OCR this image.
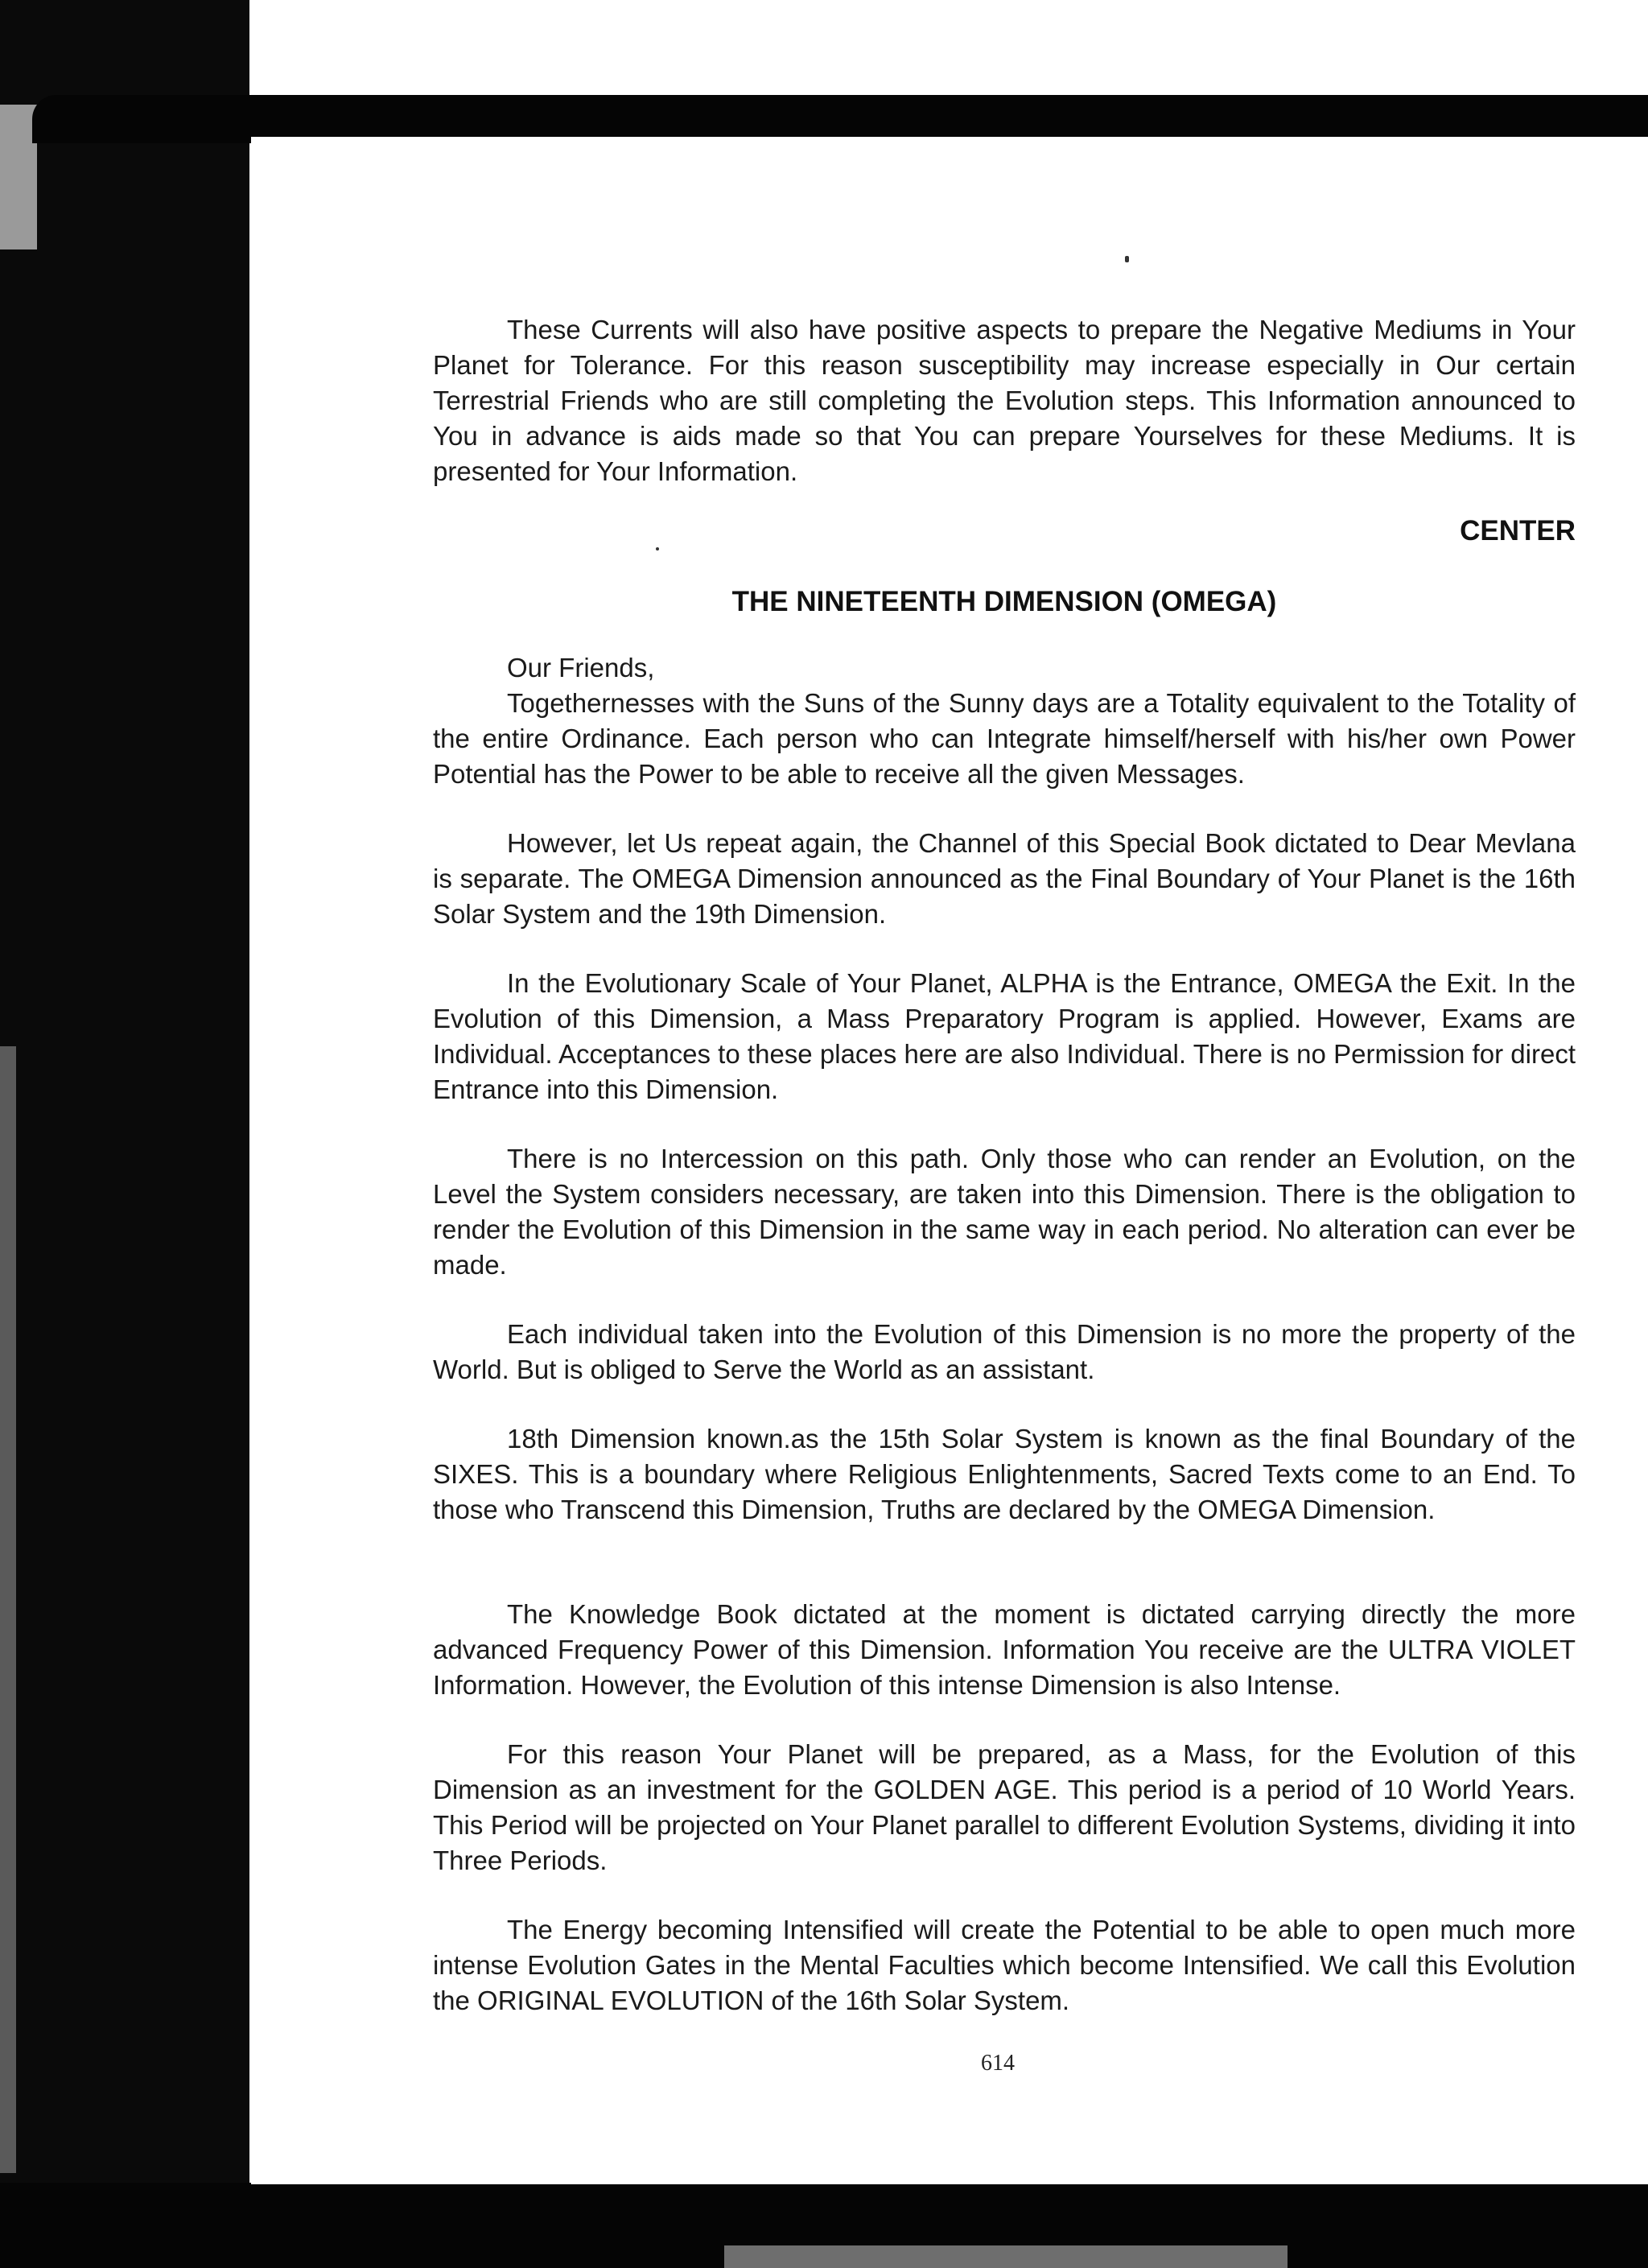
These Currents will also have positive aspects to prepare the Negative Mediums in Your Planet for Tolerance. For this reason susceptibility may increase especially in Our certain Terrestrial Friends who are still completing the Evolution steps. This Information announced to You in advance is aids made so that You can prepare Yourselves for these Mediums. It is presented for Your Information.

CENTER
THE NINETEENTH DIMENSION (OMEGA)

Our Friends,

Togethernesses with the Suns of the Sunny days are a Totality equivalent to the Totality of the entire Ordinance. Each person who can Integrate himself/herself with his/her own Power Potential has the Power to be able to receive all the given Messages.

However, let Us repeat again, the Channel of this Special Book dictated to Dear Mevlana is separate. The OMEGA Dimension announced as the Final Boundary of Your Planet is the 16th Solar System and the 19th Dimension.

In the Evolutionary Scale of Your Planet, ALPHA is the Entrance, OMEGA the Exit. In the Evolution of this Dimension, a Mass Preparatory Program is applied. However, Exams are Individual. Acceptances to these places here are also Individual. There is no Permission for direct Entrance into this Dimension.

There is no Intercession on this path. Only those who can render an Evolution, on the Level the System considers necessary, are taken into this Dimension. There is the obligation to render the Evolution of this Dimension in the same way in each period. No alteration can ever be made.

Each individual taken into the Evolution of this Dimension is no more the property of the World. But is obliged to Serve the World as an assistant.

18th Dimension known.as the 15th Solar System is known as the final Boundary of the SIXES. This is a boundary where Religious Enlightenments, Sacred Texts come to an End. To those who Transcend this Dimension, Truths are declared by the OMEGA Dimension.

The Knowledge Book dictated at the moment is dictated carrying directly the more advanced Frequency Power of this Dimension. Information You receive are the ULTRA VIOLET Information. However, the Evolution of this intense Dimension is also Intense.

For this reason Your Planet will be prepared, as a Mass, for the Evolution of this Dimension as an investment for the GOLDEN AGE. This period is a period of 10 World Years. This Period will be projected on Your Planet parallel to different Evolution Systems, dividing it into Three Periods.

The Energy becoming Intensified will create the Potential to be able to open much more intense Evolution Gates in the Mental Faculties which become Intensified. We call this Evolution the ORIGINAL EVOLUTION of the 16th Solar System.

614
